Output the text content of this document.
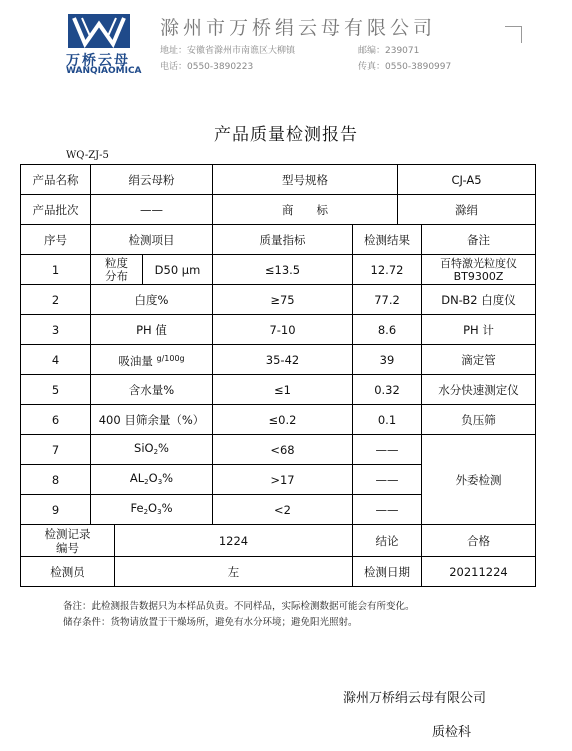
万桥云母
WANQIAOMICA
滁州市万桥绢云母有限公司
地址：安徽省滁州市南谯区大柳镇	邮编：239071
电话：0550-3890223	传真：0550-3890997
产品质量检测报告
WQ-ZJ-5
产品名称	绢云母粉			型号规格		CJ-A5	
产品批次	——			商　　标		滁绢	
序号	检测项目			质量指标	检测结果		备注
1	粒度分布		D50 μm	≤13.5	12.72		百特激光粒度仪 BT9300Z
2	白度%			≥75	77.2		DN-B2 白度仪
3	PH 值			7-10	8.6		PH 计
4	吸油量 $^{g/100g}$			35-42	39		滴定管
5	含水量%			≤1	0.32		水分快速测定仪
6	400 目筛余量（%）			≤0.2	0.1		负压筛
7	SiO$_2$%			<68	——		外委检测
8	$AL_2O_3\%$			>17	——		
9	$Fe_2O_3\%$			<2	——		
检测记录编号		1224			结论		合格
检测员		左			检测日期		20211224
备注：此检测报告数据只为本样品负责。不同样品，实际检测数据可能会有所变化。
储存条件：货物请放置于干燥场所，避免有水分环境；避免阳光照射。
滁州万桥绢云母有限公司
质检科
